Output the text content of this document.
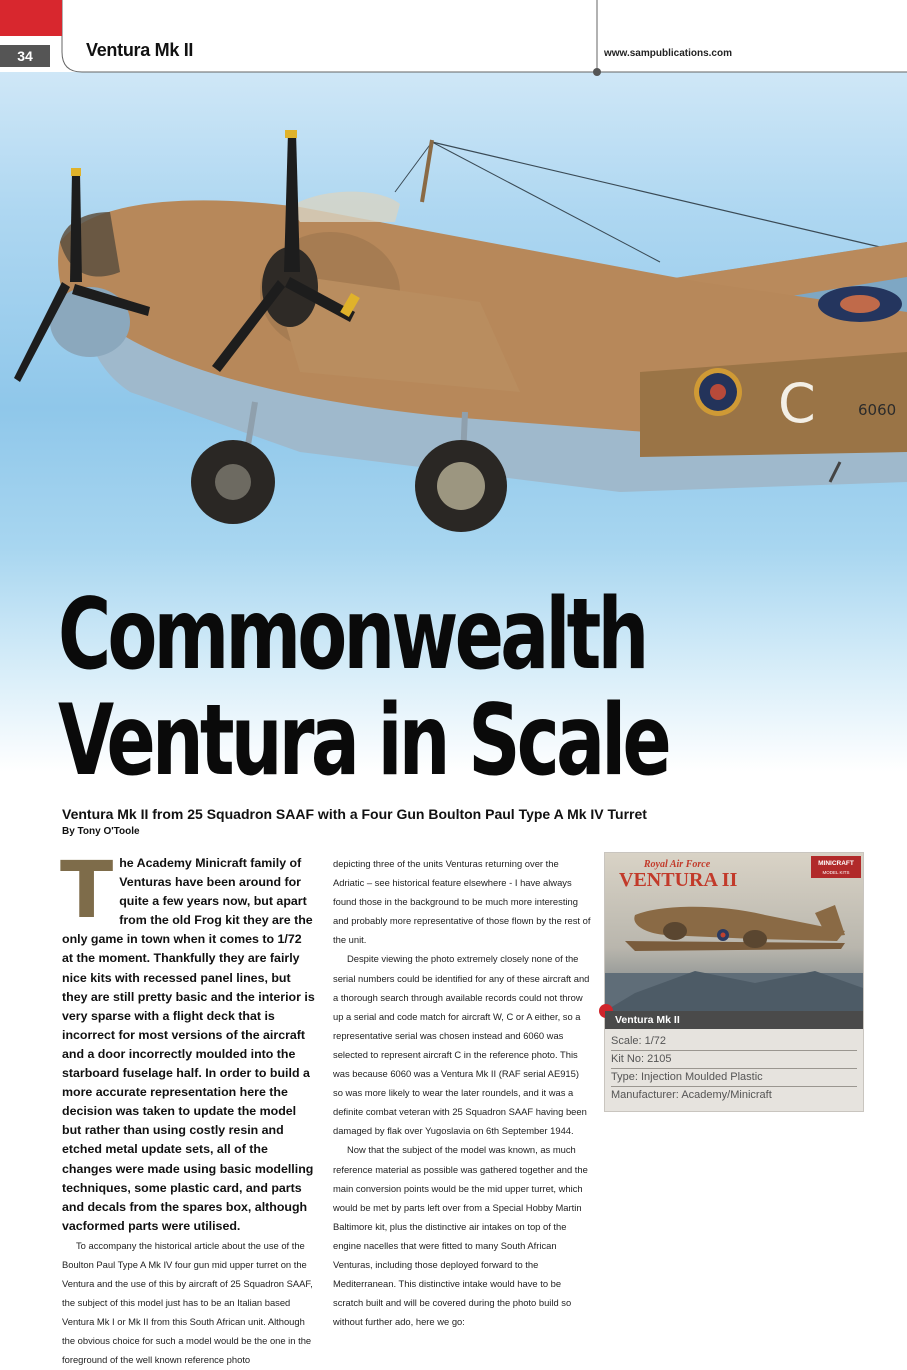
C	6060
34	Ventura Mk II	www.sampublications.com
Commonwealth
Ventura in Scale
Ventura Mk II from 25 Squadron SAAF with a Four Gun Boulton Paul Type A Mk IV Turret
By Tony O'Toole

The Academy Minicraft family of Venturas have been around for quite a few years now, but apart from the old Frog kit they are the only game in town when it comes to 1/72 at the moment. Thankfully they are fairly nice kits with recessed panel lines, but they are still pretty basic and the interior is very sparse with a flight deck that is incorrect for most versions of the aircraft and a door incorrectly moulded into the starboard fuselage half. In order to build a more accurate representation here the decision was taken to update the model but rather than using costly resin and etched metal update sets, all of the changes were made using basic modelling techniques, some plastic card, and parts and decals from the spares box, although vacformed parts were utilised.

To accompany the historical article about the use of the Boulton Paul Type A Mk IV four gun mid upper turret on the Ventura and the use of this by aircraft of 25 Squadron SAAF, the subject of this model just has to be an Italian based Ventura Mk I or Mk II from this South African unit. Although the obvious choice for such a model would be the one in the foreground of the well known reference photo

depicting three of the units Venturas returning over the Adriatic – see historical feature elsewhere - I have always found those in the background to be much more interesting and probably more representative of those flown by the rest of the unit.

Despite viewing the photo extremely closely none of the serial numbers could be identified for any of these aircraft and a thorough search through available records could not throw up a serial and code match for aircraft W, C or A either, so a representative serial was chosen instead and 6060 was selected to represent aircraft C in the reference photo. This was because 6060 was a Ventura Mk II (RAF serial AE915) so was more likely to wear the later roundels, and it was a definite combat veteran with 25 Squadron SAAF having been damaged by flak over Yugoslavia on 6th September 1944.

Now that the subject of the model was known, as much reference material as possible was gathered together and the main conversion points would be the mid upper turret, which would be met by parts left over from a Special Hobby Martin Baltimore kit, plus the distinctive air intakes on top of the engine nacelles that were fitted to many South African Venturas, including those deployed forward to the Mediterranean. This distinctive intake would have to be scratch built and will be covered during the photo build so without further ado, here we go:

MINICRAFT
MODEL KITS
Royal Air Force
VENTURA II
Ventura Mk II
Scale: 1/72
Kit No: 2105
Type: Injection Moulded Plastic
Manufacturer: Academy/Minicraft
